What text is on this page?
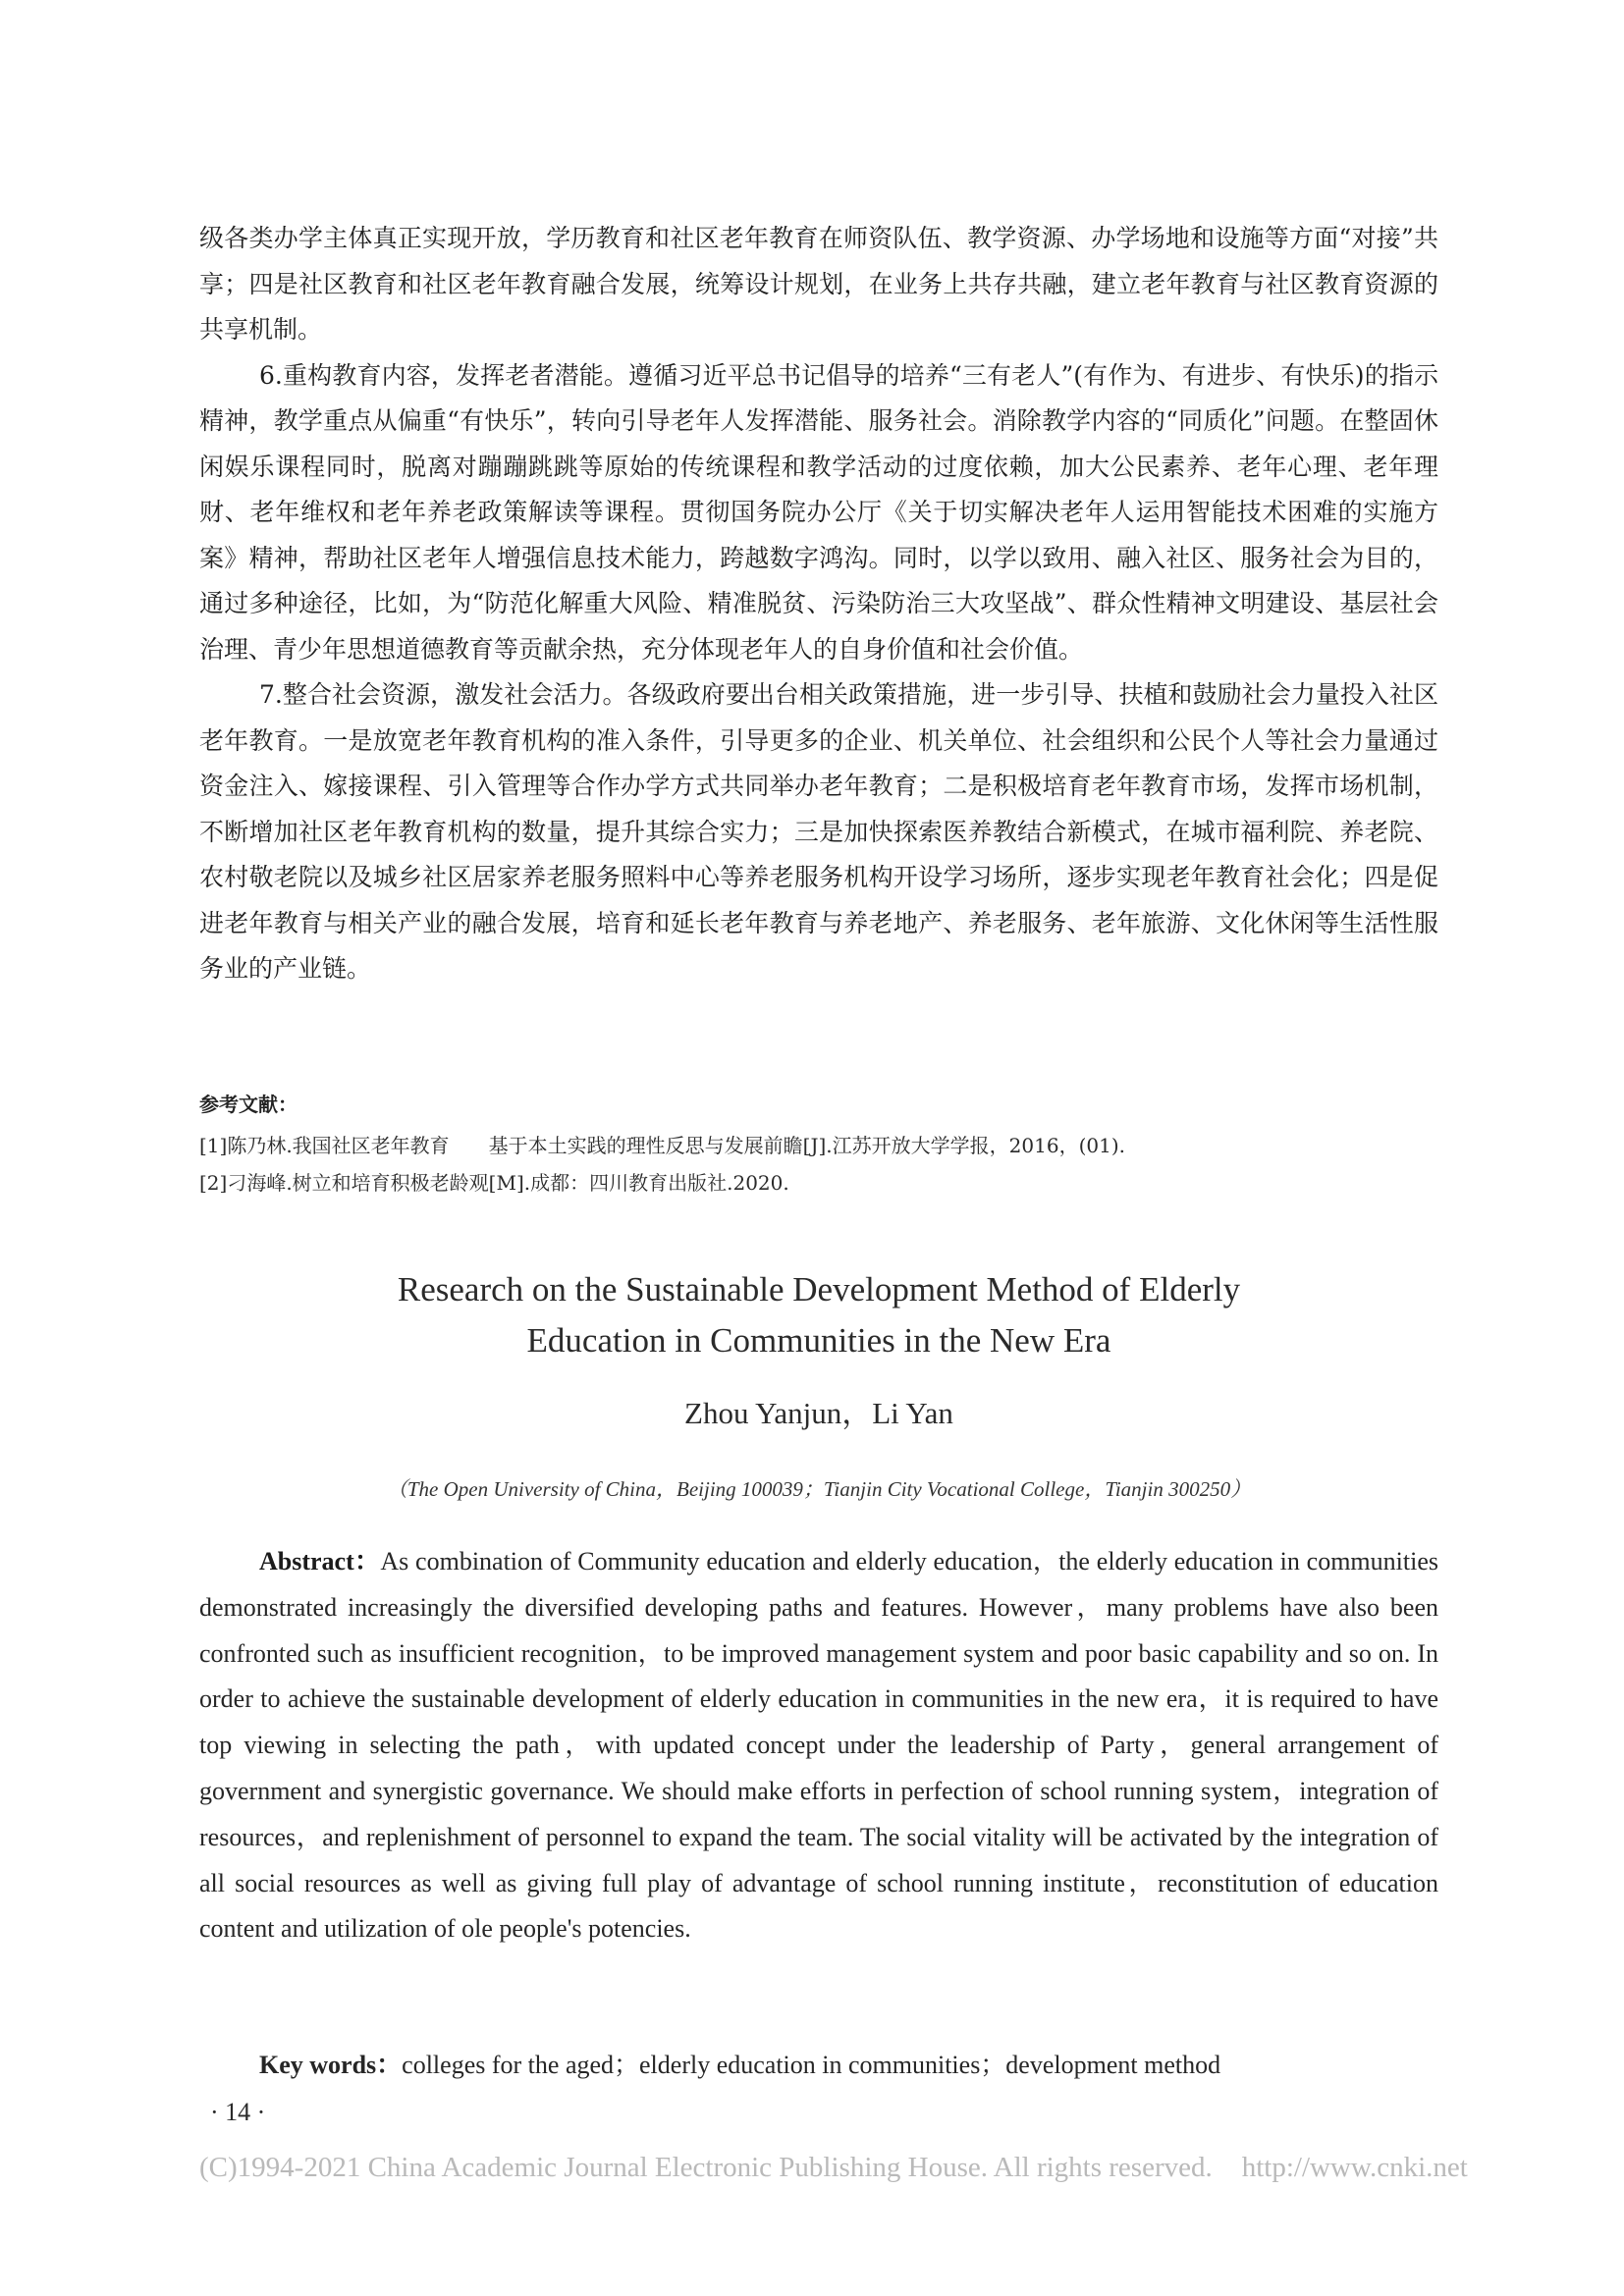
级各类办学主体真正实现开放，学历教育和社区老年教育在师资队伍、教学资源、办学场地和设施等方面“对接”共享；四是社区教育和社区老年教育融合发展，统筹设计规划，在业务上共存共融，建立老年教育与社区教育资源的共享机制。

6.重构教育内容，发挥老者潜能。遵循习近平总书记倡导的培养“三有老人”(有作为、有进步、有快乐)的指示精神，教学重点从偏重“有快乐”，转向引导老年人发挥潜能、服务社会。消除教学内容的“同质化”问题。在整固休闲娱乐课程同时，脱离对蹦蹦跳跳等原始的传统课程和教学活动的过度依赖，加大公民素养、老年心理、老年理财、老年维权和老年养老政策解读等课程。贯彻国务院办公厅《关于切实解决老年人运用智能技术困难的实施方案》精神，帮助社区老年人增强信息技术能力，跨越数字鸿沟。同时，以学以致用、融入社区、服务社会为目的，通过多种途径，比如，为“防范化解重大风险、精准脱贫、污染防治三大攻坚战”、群众性精神文明建设、基层社会治理、青少年思想道德教育等贡献余热，充分体现老年人的自身价值和社会价值。

7.整合社会资源，激发社会活力。各级政府要出台相关政策措施，进一步引导、扶植和鼓励社会力量投入社区老年教育。一是放宽老年教育机构的准入条件，引导更多的企业、机关单位、社会组织和公民个人等社会力量通过资金注入、嫁接课程、引入管理等合作办学方式共同举办老年教育；二是积极培育老年教育市场，发挥市场机制，不断增加社区老年教育机构的数量，提升其综合实力；三是加快探索医养教结合新模式，在城市福利院、养老院、农村敬老院以及城乡社区居家养老服务照料中心等养老服务机构开设学习场所，逐步实现老年教育社会化；四是促进老年教育与相关产业的融合发展，培育和延长老年教育与养老地产、养老服务、老年旅游、文化休闲等生活性服务业的产业链。

参考文献：
[1]陈乃林.我国社区老年教育　　基于本土实践的理性反思与发展前瞻[J].江苏开放大学学报，2016，(01).
[2]刁海峰.树立和培育积极老龄观[M].成都：四川教育出版社.2020.
Research on the Sustainable Development Method of Elderly
Education in Communities in the New Era
Zhou Yanjun，Li Yan
（The Open University of China，Beijing 100039；Tianjin City Vocational College，Tianjin 300250）

Abstract：As combination of Community education and elderly education，the elderly education in communities demonstrated increasingly the diversified developing paths and features. However，many problems have also been confronted such as insufficient recognition，to be improved management system and poor basic capability and so on. In order to achieve the sustainable development of elderly education in communities in the new era，it is required to have top viewing in selecting the path，with updated concept under the leadership of Party，general arrangement of government and synergistic governance. We should make efforts in perfection of school running system，integration of resources，and replenishment of personnel to expand the team. The social vitality will be activated by the integration of all social resources as well as giving full play of advantage of school running institute，reconstitution of education content and utilization of ole people's potencies.

Key words：colleges for the aged；elderly education in communities；development method
· 14 ·
(C)1994-2021 China Academic Journal Electronic Publishing House. All rights reserved. http://www.cnki.net
